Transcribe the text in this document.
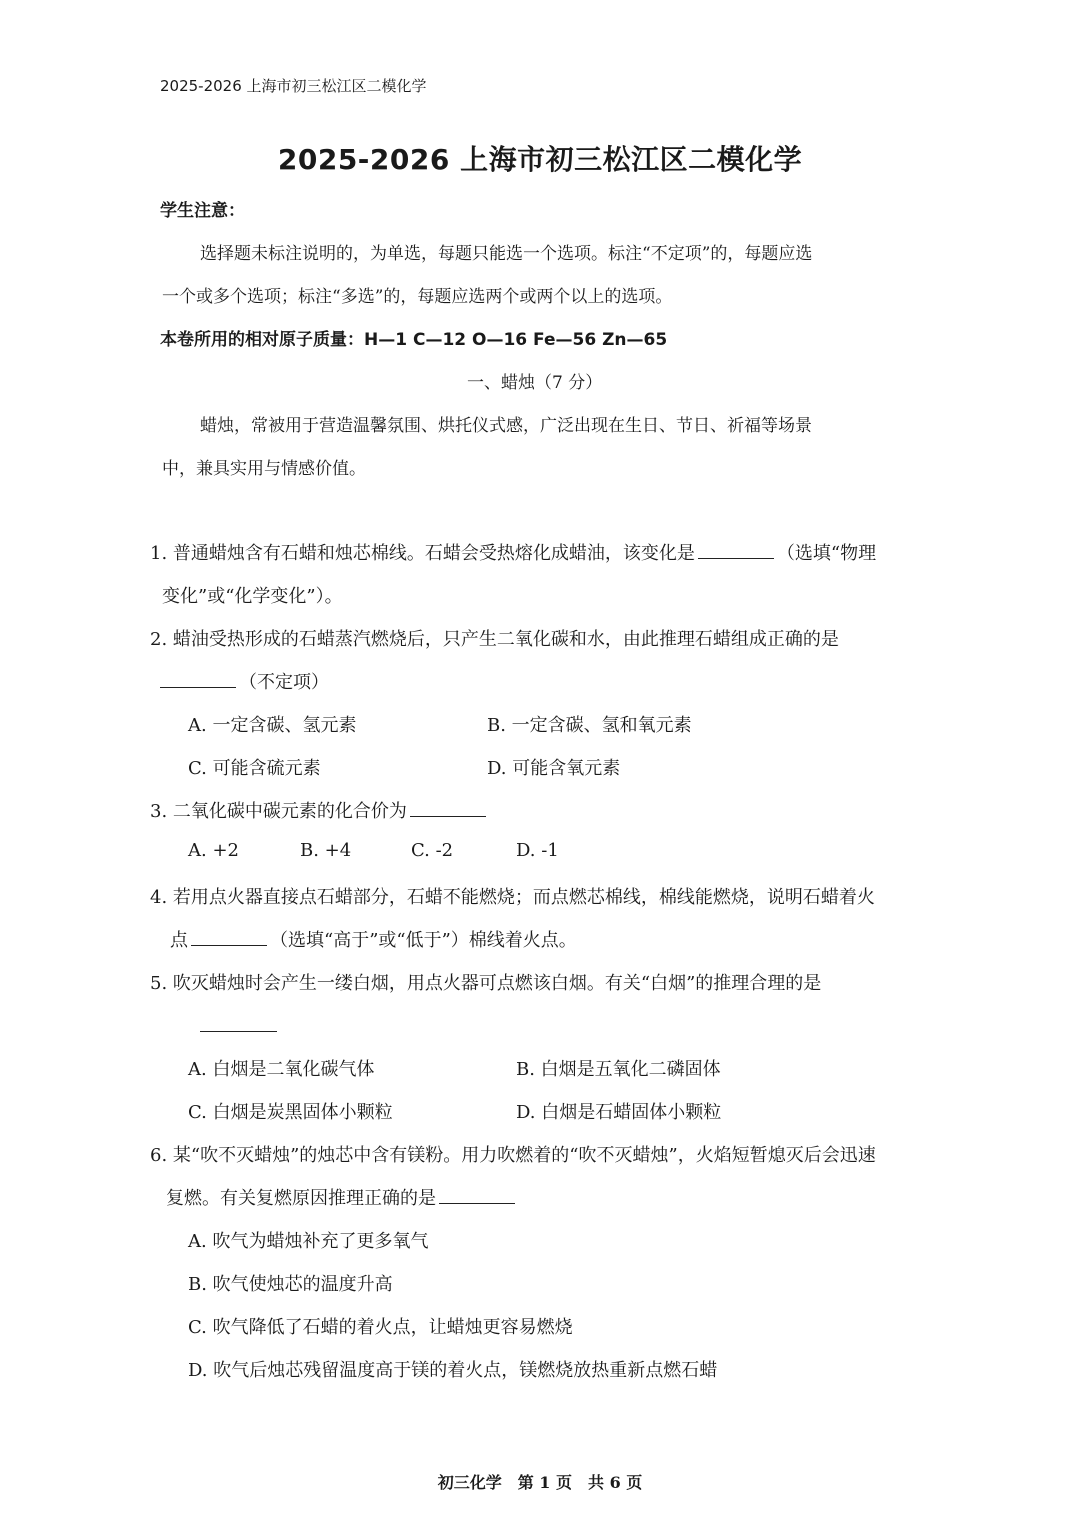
2025-2026 上海市初三松江区二模化学
2025-2026 上海市初三松江区二模化学
学生注意：
选择题未标注说明的，为单选，每题只能选一个选项。标注“不定项”的，每题应选
一个或多个选项；标注“多选”的，每题应选两个或两个以上的选项。
本卷所用的相对原子质量：H—1 C—12 O—16 Fe—56 Zn—65
一、蜡烛（7 分）
蜡烛，常被用于营造温馨氛围、烘托仪式感，广泛出现在生日、节日、祈福等场景
中，兼具实用与情感价值。
1. 普通蜡烛含有石蜡和烛芯棉线。石蜡会受热熔化成蜡油，该变化是	（选填“物理
变化”或“化学变化”）。
2. 蜡油受热形成的石蜡蒸汽燃烧后，只产生二氧化碳和水，由此推理石蜡组成正确的是
（不定项）
A. 一定含碳、氢元素	B. 一定含碳、氢和氧元素
C. 可能含硫元素	D. 可能含氧元素
3. 二氧化碳中碳元素的化合价为
A. +2	B. +4	C. -2	D. -1
4. 若用点火器直接点石蜡部分，石蜡不能燃烧；而点燃芯棉线，棉线能燃烧，说明石蜡着火
点	（选填“高于”或“低于”）棉线着火点。
5. 吹灭蜡烛时会产生一缕白烟，用点火器可点燃该白烟。有关“白烟”的推理合理的是
A. 白烟是二氧化碳气体	B. 白烟是五氧化二磷固体
C. 白烟是炭黑固体小颗粒	D. 白烟是石蜡固体小颗粒
6. 某“吹不灭蜡烛”的烛芯中含有镁粉。用力吹燃着的“吹不灭蜡烛”，火焰短暂熄灭后会迅速
复燃。有关复燃原因推理正确的是
A. 吹气为蜡烛补充了更多氧气
B. 吹气使烛芯的温度升高
C. 吹气降低了石蜡的着火点，让蜡烛更容易燃烧
D. 吹气后烛芯残留温度高于镁的着火点，镁燃烧放热重新点燃石蜡
初三化学　第 1 页　共 6 页
